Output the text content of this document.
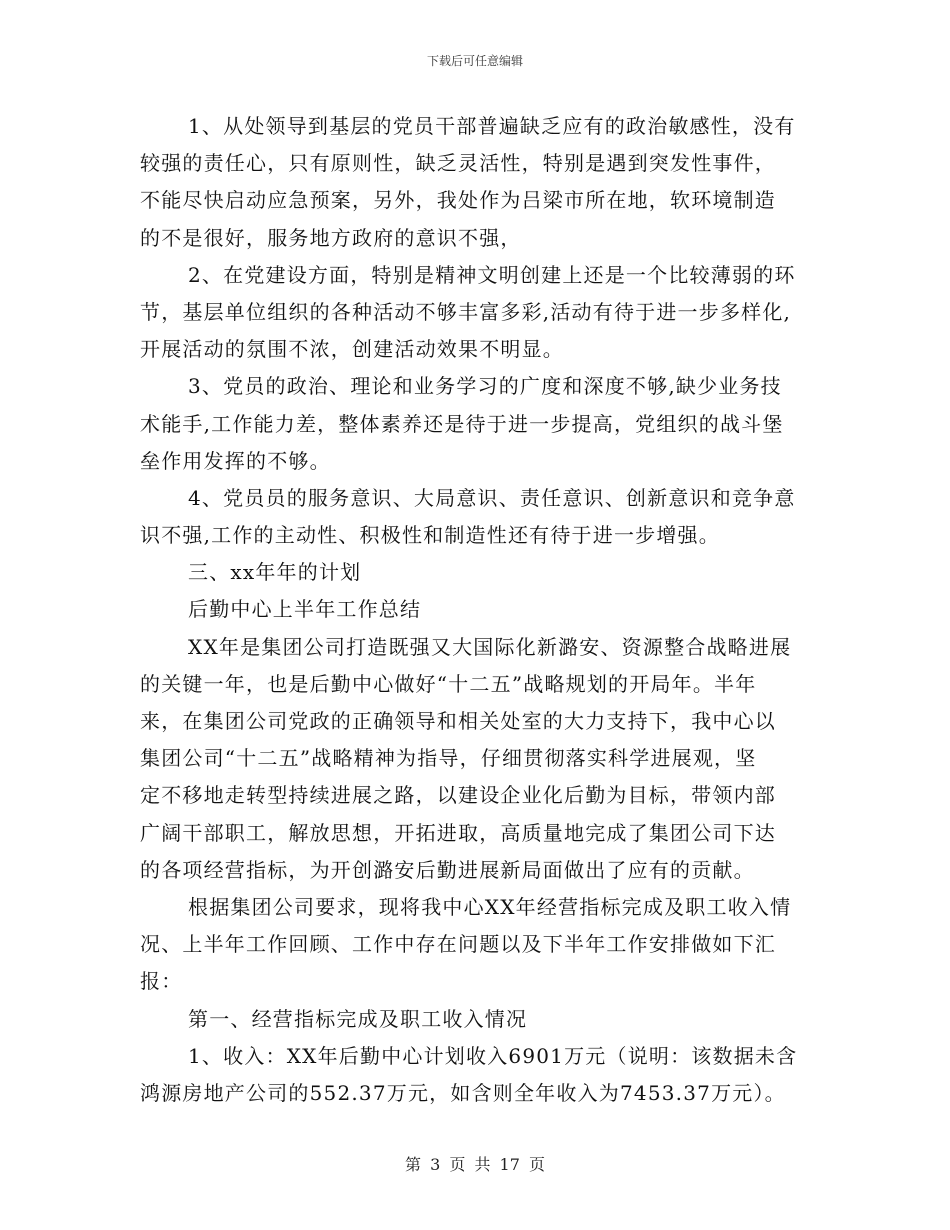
下载后可任意编辑
1、从处领导到基层的党员干部普遍缺乏应有的政治敏感性，没有
较强的责任心，只有原则性，缺乏灵活性，特别是遇到突发性事件，
不能尽快启动应急预案，另外，我处作为吕梁市所在地，软环境制造
的不是很好，服务地方政府的意识不强，
2、在党建设方面，特别是精神文明创建上还是一个比较薄弱的环
节，基层单位组织的各种活动不够丰富多彩,活动有待于进一步多样化,
开展活动的氛围不浓，创建活动效果不明显。
3、党员的政治、理论和业务学习的广度和深度不够,缺少业务技
术能手,工作能力差，整体素养还是待于进一步提高，党组织的战斗堡
垒作用发挥的不够。
4、党员员的服务意识、大局意识、责任意识、创新意识和竞争意
识不强,工作的主动性、积极性和制造性还有待于进一步增强。
三、xx年年的计划
后勤中心上半年工作总结
XX年是集团公司打造既强又大国际化新潞安、资源整合战略进展
的关键一年，也是后勤中心做好“十二五”战略规划的开局年。半年
来，在集团公司党政的正确领导和相关处室的大力支持下，我中心以
集团公司“十二五”战略精神为指导，仔细贯彻落实科学进展观，坚
定不移地走转型持续进展之路，以建设企业化后勤为目标，带领内部
广阔干部职工，解放思想，开拓进取，高质量地完成了集团公司下达
的各项经营指标，为开创潞安后勤进展新局面做出了应有的贡献。
根据集团公司要求，现将我中心XX年经营指标完成及职工收入情
况、上半年工作回顾、工作中存在问题以及下半年工作安排做如下汇
报：
第一、经营指标完成及职工收入情况
1、收入：XX年后勤中心计划收入6901万元（说明：该数据未含
鸿源房地产公司的552.37万元，如含则全年收入为7453.37万元）。
第 3 页 共 17 页
